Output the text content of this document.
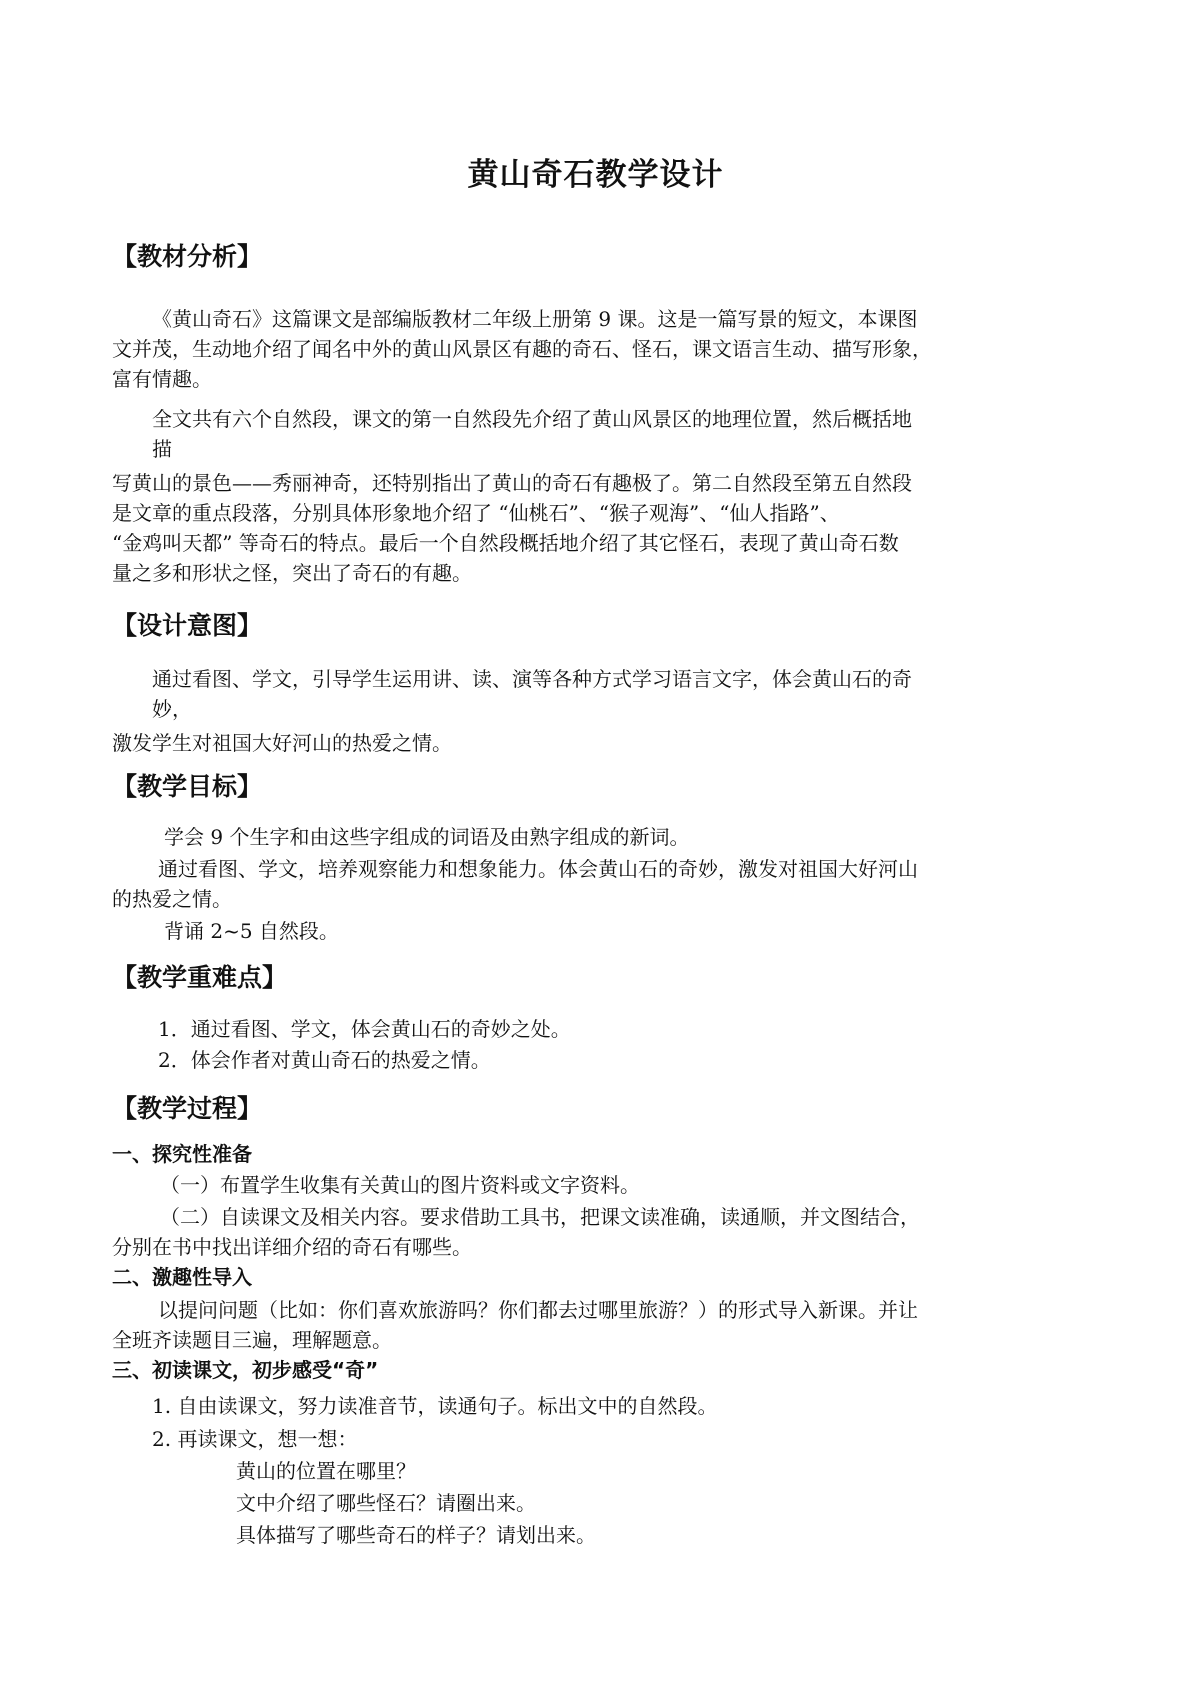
黄山奇石教学设计
【教材分析】
《黄山奇石》这篇课文是部编版教材二年级上册第 9 课。这是一篇写景的短文，本课图
文并茂，生动地介绍了闻名中外的黄山风景区有趣的奇石、怪石，课文语言生动、描写形象，
富有情趣。
全文共有六个自然段，课文的第一自然段先介绍了黄山风景区的地理位置，然后概括地
描
写黄山的景色——秀丽神奇，还特别指出了黄山的奇石有趣极了。第二自然段至第五自然段
是文章的重点段落，分别具体形象地介绍了 “仙桃石”、“猴子观海”、“仙人指路”、
“金鸡叫天都” 等奇石的特点。最后一个自然段概括地介绍了其它怪石，表现了黄山奇石数
量之多和形状之怪，突出了奇石的有趣。
【设计意图】
通过看图、学文，引导学生运用讲、读、演等各种方式学习语言文字，体会黄山石的奇
妙，
激发学生对祖国大好河山的热爱之情。
【教学目标】
学会 9 个生字和由这些字组成的词语及由熟字组成的新词。
通过看图、学文，培养观察能力和想象能力。体会黄山石的奇妙，激发对祖国大好河山
的热爱之情。
背诵 2~5 自然段。
【教学重难点】
1．通过看图、学文，体会黄山石的奇妙之处。
2．体会作者对黄山奇石的热爱之情。
【教学过程】
一、探究性准备
（一）布置学生收集有关黄山的图片资料或文字资料。
（二）自读课文及相关内容。要求借助工具书，把课文读准确，读通顺，并文图结合，
分别在书中找出详细介绍的奇石有哪些。
二、激趣性导入
以提问问题（比如：你们喜欢旅游吗？你们都去过哪里旅游？）的形式导入新课。并让
全班齐读题目三遍，理解题意。
三、初读课文，初步感受“奇”
1. 自由读课文，努力读准音节，读通句子。标出文中的自然段。
2. 再读课文，想一想：
黄山的位置在哪里？
文中介绍了哪些怪石？请圈出来。
具体描写了哪些奇石的样子？请划出来。
